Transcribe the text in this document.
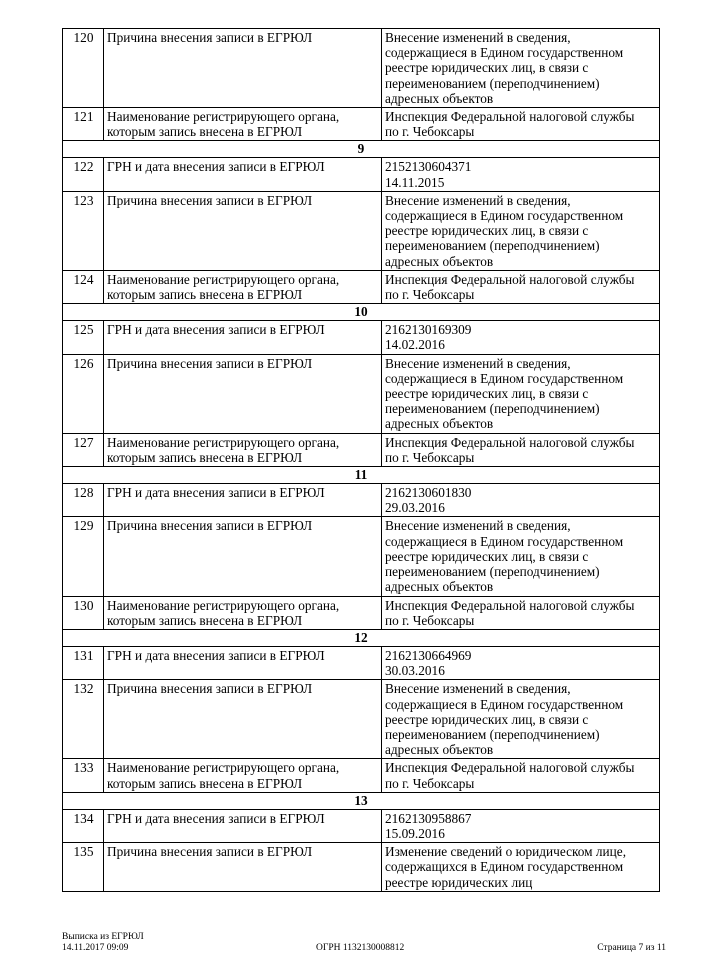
120	Причина внесения записи в ЕГРЮЛ	Внесение изменений в сведения,
содержащиеся в Едином государственном
реестре юридических лиц, в связи с
переименованием (переподчинением)
адресных объектов
121	Наименование регистрирующего органа, которым запись внесена в ЕГРЮЛ	Инспекция Федеральной налоговой службы
по г. Чебоксары
9		
122	ГРН и дата внесения записи в ЕГРЮЛ	2152130604371
14.11.2015
123	Причина внесения записи в ЕГРЮЛ	Внесение изменений в сведения,
содержащиеся в Едином государственном
реестре юридических лиц, в связи с
переименованием (переподчинением)
адресных объектов
124	Наименование регистрирующего органа, которым запись внесена в ЕГРЮЛ	Инспекция Федеральной налоговой службы
по г. Чебоксары
10		
125	ГРН и дата внесения записи в ЕГРЮЛ	2162130169309
14.02.2016
126	Причина внесения записи в ЕГРЮЛ	Внесение изменений в сведения,
содержащиеся в Едином государственном
реестре юридических лиц, в связи с
переименованием (переподчинением)
адресных объектов
127	Наименование регистрирующего органа, которым запись внесена в ЕГРЮЛ	Инспекция Федеральной налоговой службы
по г. Чебоксары
11		
128	ГРН и дата внесения записи в ЕГРЮЛ	2162130601830
29.03.2016
129	Причина внесения записи в ЕГРЮЛ	Внесение изменений в сведения,
содержащиеся в Едином государственном
реестре юридических лиц, в связи с
переименованием (переподчинением)
адресных объектов
130	Наименование регистрирующего органа, которым запись внесена в ЕГРЮЛ	Инспекция Федеральной налоговой службы
по г. Чебоксары
12		
131	ГРН и дата внесения записи в ЕГРЮЛ	2162130664969
30.03.2016
132	Причина внесения записи в ЕГРЮЛ	Внесение изменений в сведения,
содержащиеся в Едином государственном
реестре юридических лиц, в связи с
переименованием (переподчинением)
адресных объектов
133	Наименование регистрирующего органа, которым запись внесена в ЕГРЮЛ	Инспекция Федеральной налоговой службы
по г. Чебоксары
13		
134	ГРН и дата внесения записи в ЕГРЮЛ	2162130958867
15.09.2016
135	Причина внесения записи в ЕГРЮЛ	Изменение сведений о юридическом лице,
содержащихся в Едином государственном
реестре юридических лиц
Выписка из ЕГРЮЛ
14.11.2017 09:09	ОГРН 1132130008812	Страница 7 из 11
